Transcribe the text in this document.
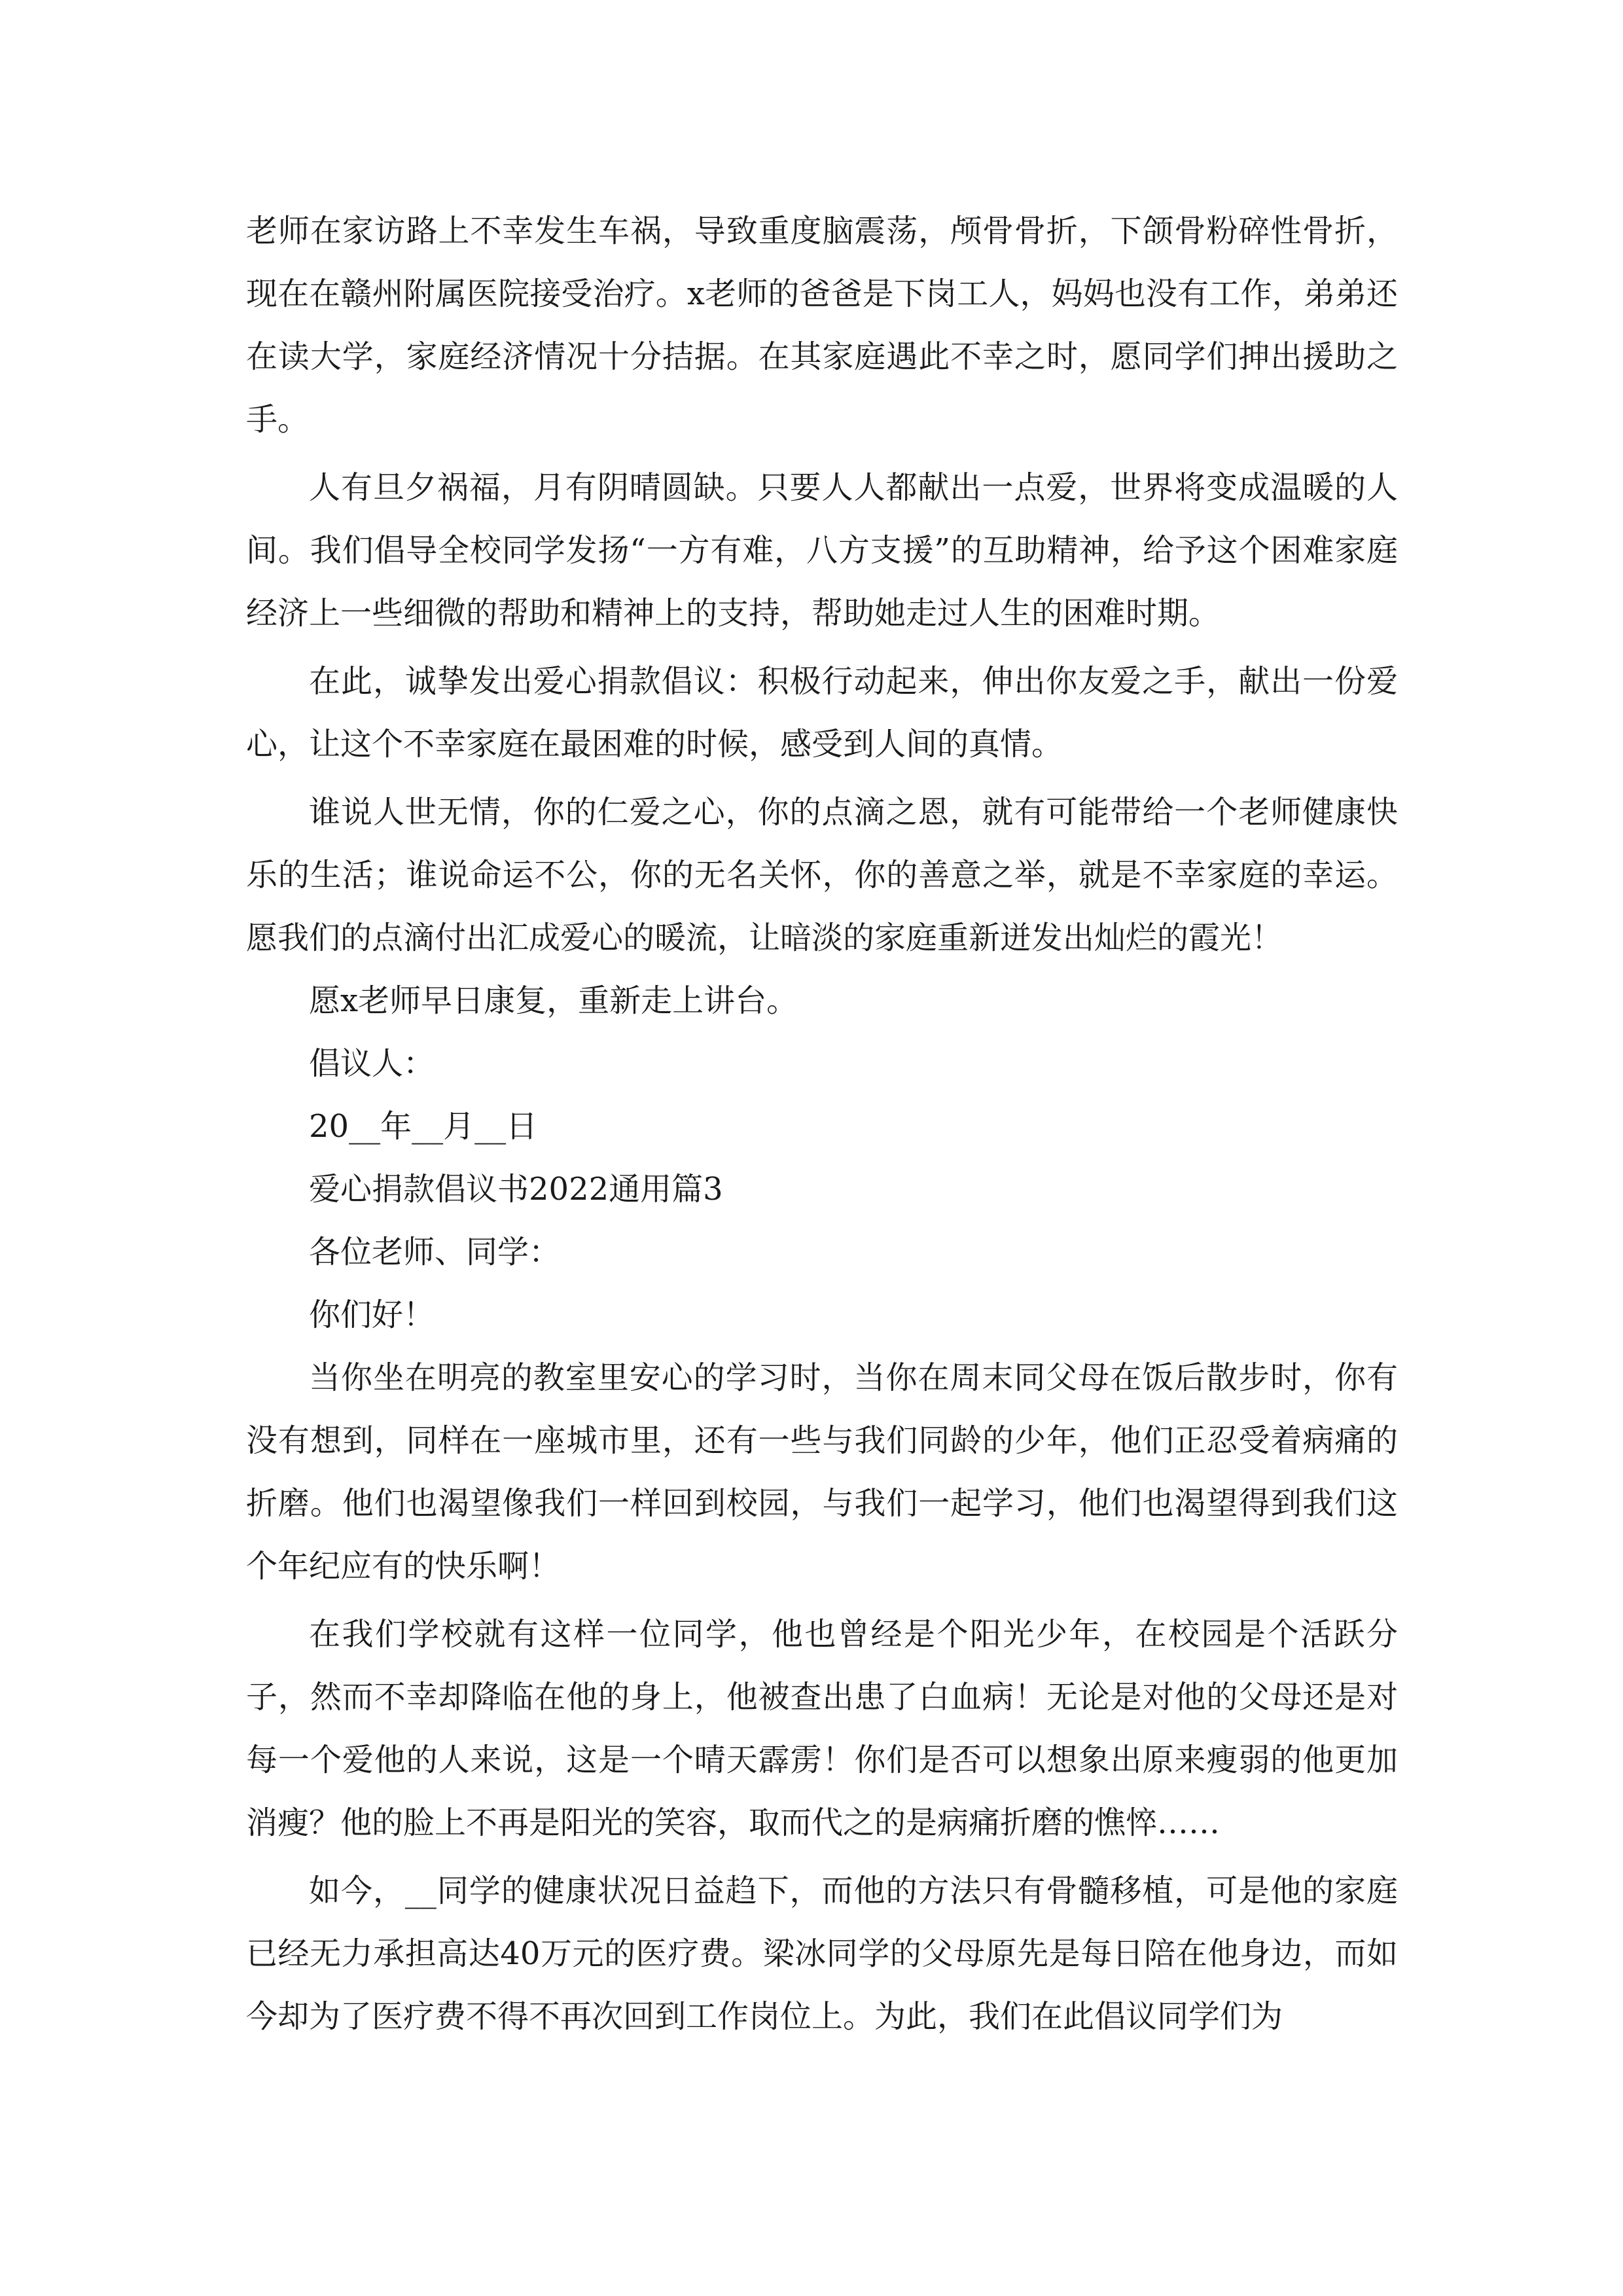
老师在家访路上不幸发生车祸，导致重度脑震荡，颅骨骨折，下颌骨粉碎性骨折，现在在赣州附属医院接受治疗。x老师的爸爸是下岗工人，妈妈也没有工作，弟弟还在读大学，家庭经济情况十分拮据。在其家庭遇此不幸之时，愿同学们抻出援助之手。

人有旦夕祸福，月有阴晴圆缺。只要人人都献出一点爱，世界将变成温暖的人间。我们倡导全校同学发扬“一方有难，八方支援”的互助精神，给予这个困难家庭经济上一些细微的帮助和精神上的支持，帮助她走过人生的困难时期。

在此，诚挚发出爱心捐款倡议：积极行动起来，伸出你友爱之手，献出一份爱心，让这个不幸家庭在最困难的时候，感受到人间的真情。

谁说人世无情，你的仁爱之心，你的点滴之恩，就有可能带给一个老师健康快乐的生活；谁说命运不公，你的无名关怀，你的善意之举，就是不幸家庭的幸运。愿我们的点滴付出汇成爱心的暖流，让暗淡的家庭重新迸发出灿烂的霞光！

愿x老师早日康复，重新走上讲台。

倡议人：

20__年__月__日

爱心捐款倡议书2022通用篇3

各位老师、同学：

你们好！

当你坐在明亮的教室里安心的学习时，当你在周末同父母在饭后散步时，你有没有想到，同样在一座城市里，还有一些与我们同龄的少年，他们正忍受着病痛的折磨。他们也渴望像我们一样回到校园，与我们一起学习，他们也渴望得到我们这个年纪应有的快乐啊！

在我们学校就有这样一位同学，他也曾经是个阳光少年，在校园是个活跃分子，然而不幸却降临在他的身上，他被查出患了白血病！无论是对他的父母还是对每一个爱他的人来说，这是一个晴天霹雳！你们是否可以想象出原来瘦弱的他更加消瘦？他的脸上不再是阳光的笑容，取而代之的是病痛折磨的憔悴……

如今，__同学的健康状况日益趋下，而他的方法只有骨髓移植，可是他的家庭已经无力承担高达40万元的医疗费。梁冰同学的父母原先是每日陪在他身边，而如今却为了医疗费不得不再次回到工作岗位上。为此，我们在此倡议同学们为
